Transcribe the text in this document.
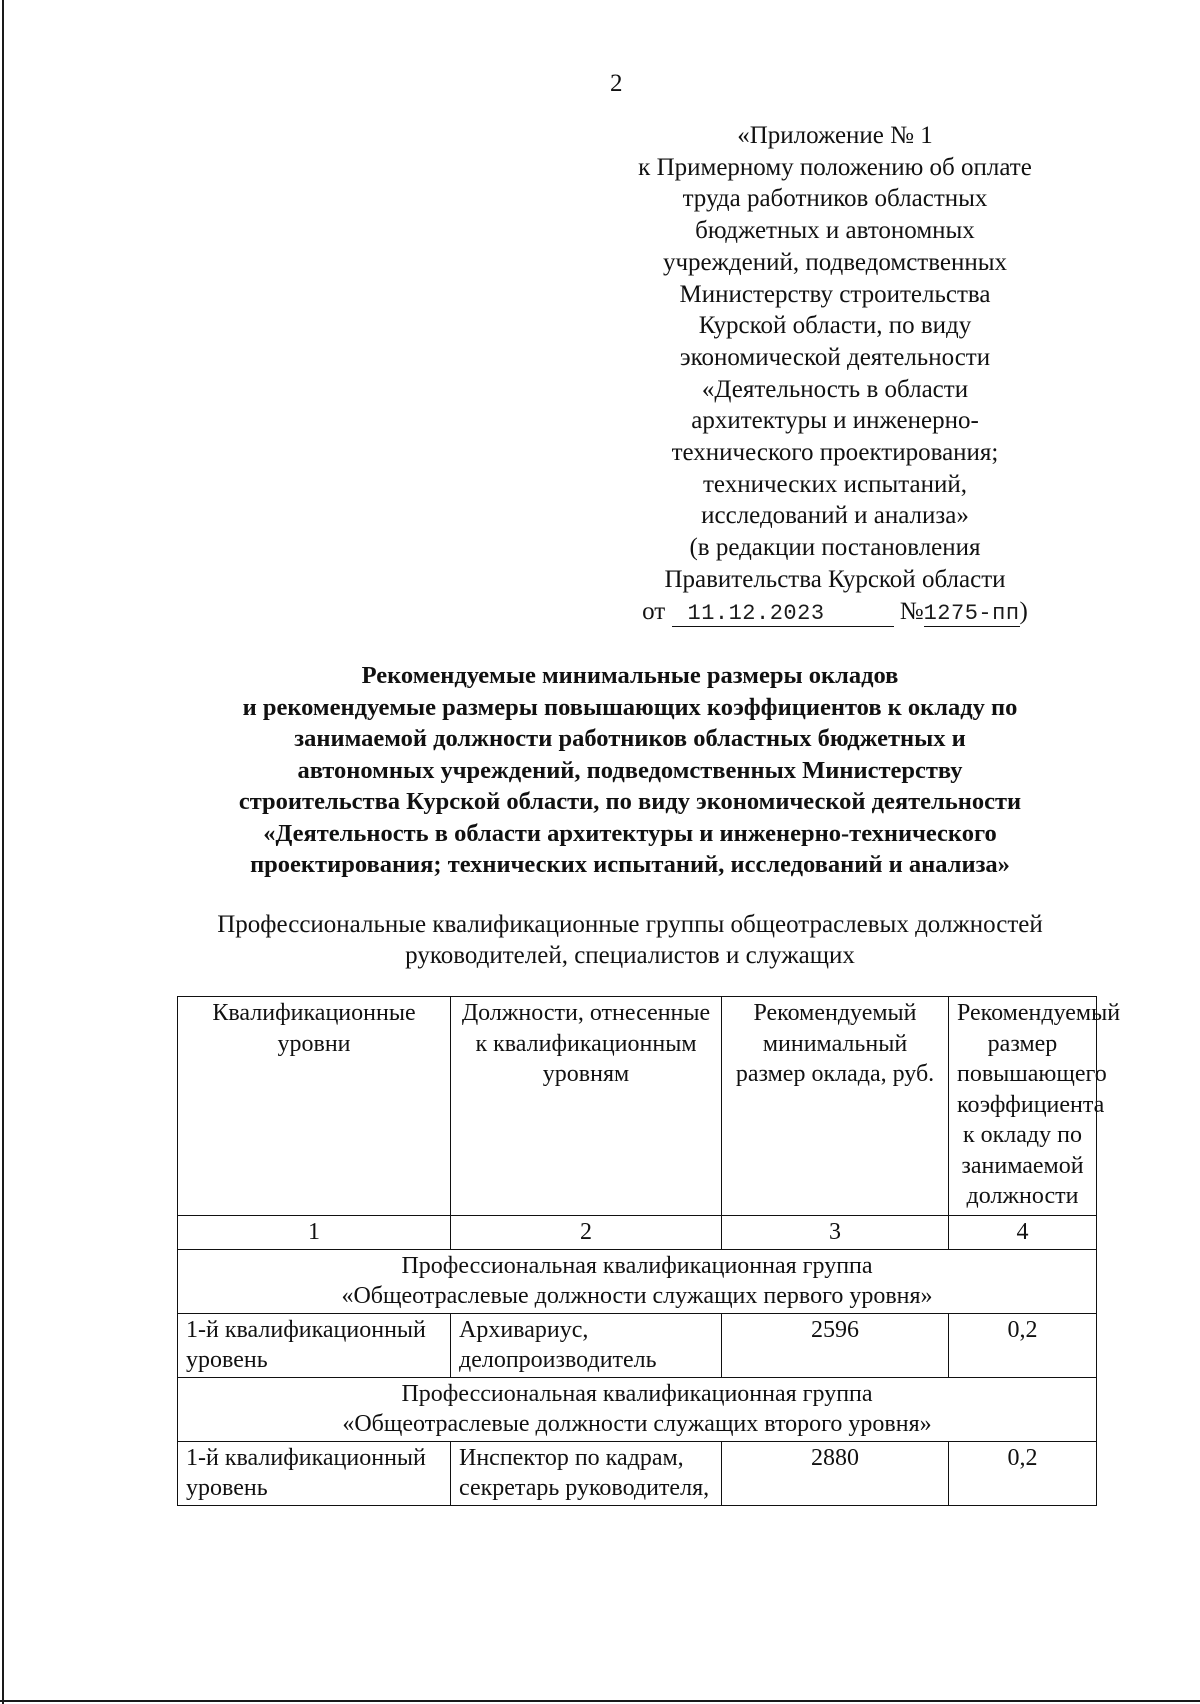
2
«Приложение № 1
к Примерному положению об оплате
труда работников областных
бюджетных и автономных
учреждений, подведомственных
Министерству строительства
Курской области, по виду
экономической деятельности
«Деятельность в области
архитектуры и инженерно-
технического проектирования;
технических испытаний,
исследований и анализа»
(в редакции постановления
Правительства Курской области
от 11.12.2023	№1275-пп)
Рекомендуемые минимальные размеры окладов
и рекомендуемые размеры повышающих коэффициентов к окладу по
занимаемой должности работников областных бюджетных и
автономных учреждений, подведомственных Министерству
строительства Курской области, по виду экономической деятельности
«Деятельность в области архитектуры и инженерно-технического
проектирования; технических испытаний, исследований и анализа»
Профессиональные квалификационные группы общеотраслевых должностей
руководителей, специалистов и служащих
Квалификационные уровни	Должности, отнесенные к квалификационным уровням	Рекомендуемый минимальный размер оклада, руб.	Рекомендуемый размер повышающего коэффициента к окладу по занимаемой должности
1	2	3	4
Профессиональная квалификационная группа
«Общеотраслевые должности служащих первого уровня»			
1-й квалификационный уровень	Архивариус, делопроизводитель	2596	0,2
Профессиональная квалификационная группа
«Общеотраслевые должности служащих второго уровня»			
1-й квалификационный уровень	Инспектор по кадрам, секретарь руководителя,	2880	0,2
